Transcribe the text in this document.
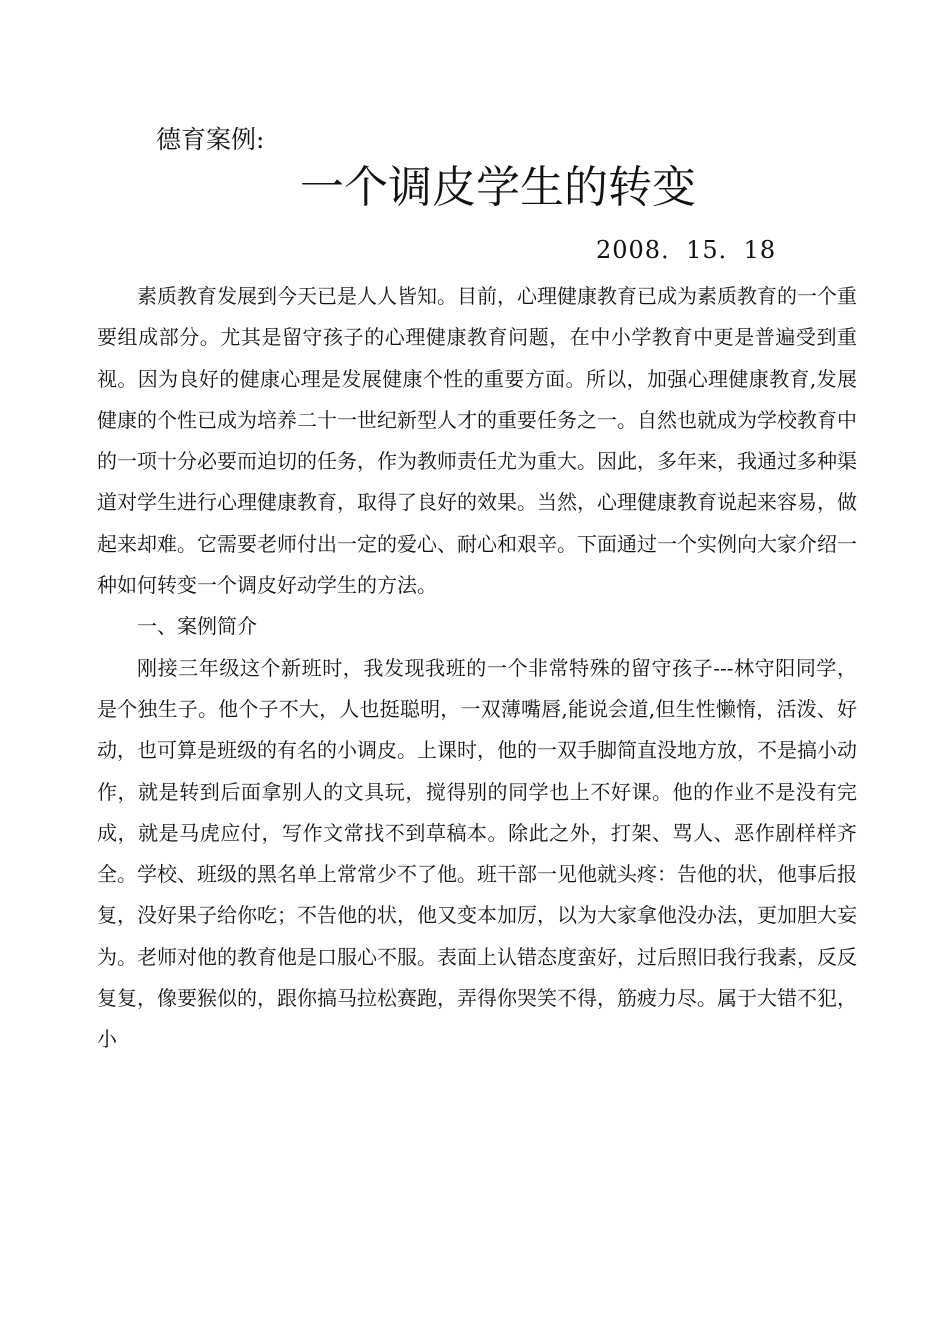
德育案例:
一个调皮学生的转变
2008．15．18

素质教育发展到今天已是人人皆知。目前，心理健康教育已成为素质教育的一个重要组成部分。尤其是留守孩子的心理健康教育问题，在中小学教育中更是普遍受到重视。因为良好的健康心理是发展健康个性的重要方面。所以，加强心理健康教育,发展健康的个性已成为培养二十一世纪新型人才的重要任务之一。自然也就成为学校教育中的一项十分必要而迫切的任务，作为教师责任尤为重大。因此，多年来，我通过多种渠道对学生进行心理健康教育，取得了良好的效果。当然，心理健康教育说起来容易，做起来却难。它需要老师付出一定的爱心、耐心和艰辛。下面通过一个实例向大家介绍一种如何转变一个调皮好动学生的方法。

一、案例简介

刚接三年级这个新班时，我发现我班的一个非常特殊的留守孩子---林守阳同学，是个独生子。他个子不大，人也挺聪明，一双薄嘴唇,能说会道,但生性懒惰，活泼、好动，也可算是班级的有名的小调皮。上课时，他的一双手脚简直没地方放，不是搞小动作，就是转到后面拿别人的文具玩，搅得别的同学也上不好课。他的作业不是没有完成，就是马虎应付，写作文常找不到草稿本。除此之外，打架、骂人、恶作剧样样齐全。学校、班级的黑名单上常常少不了他。班干部一见他就头疼：告他的状，他事后报复，没好果子给你吃；不告他的状，他又变本加厉，以为大家拿他没办法，更加胆大妄为。老师对他的教育他是口服心不服。表面上认错态度蛮好，过后照旧我行我素，反反复复，像要猴似的，跟你搞马拉松赛跑，弄得你哭笑不得，筋疲力尽。属于大错不犯，小
